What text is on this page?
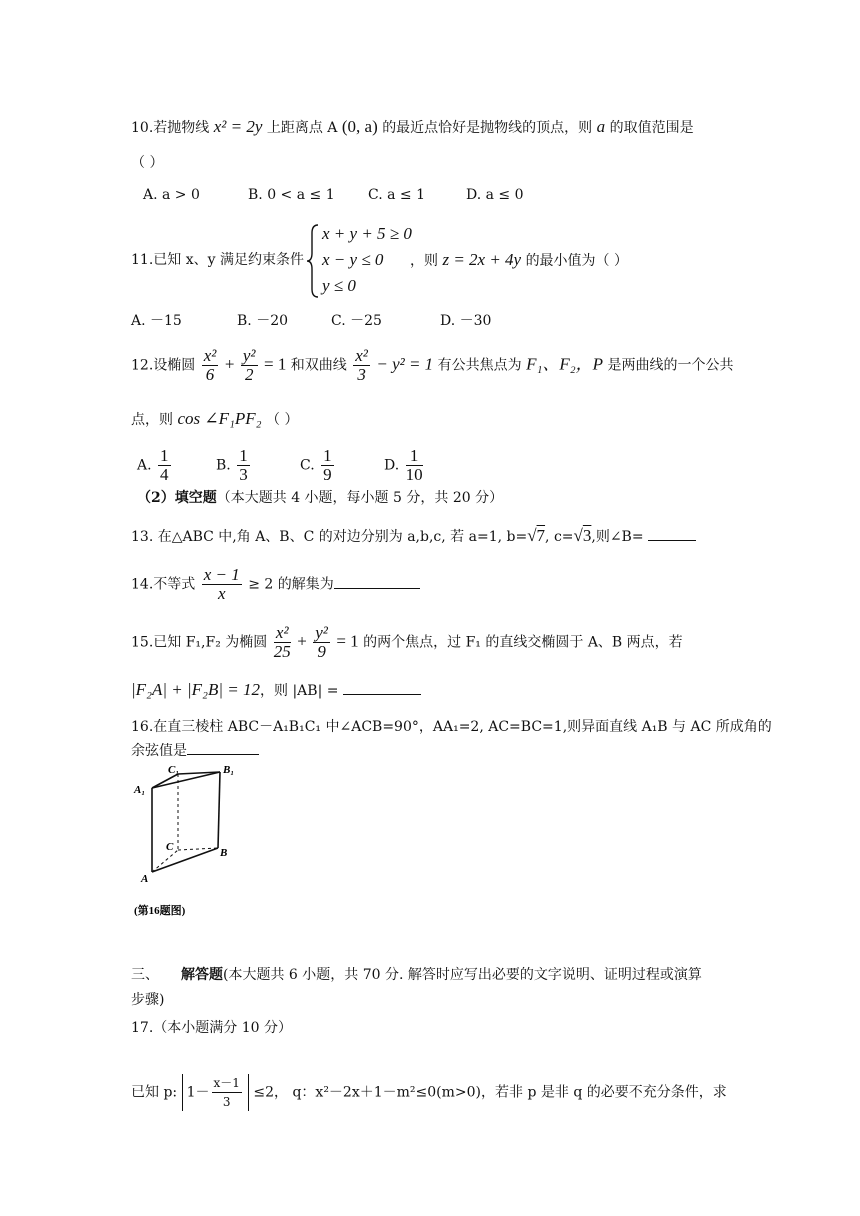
10.若抛物线 x² = 2y 上距离点 A (0, a) 的最近点恰好是抛物线的顶点，则 a 的取值范围是
（ ）
A. a > 0	B. 0 < a ≤ 1 C. a ≤ 1	D. a ≤ 0
11.已知 x、y 满足约束条件
x + y + 5 ≥ 0
x − y ≤ 0
y ≤ 0
，则 z = 2x + 4y 的最小值为（ ）
A. －15	B. －20	C. －25	D. －30
12.设椭圆 $\frac{\text{x²}}{6} + \frac{\text{y²}}{2} = 1$ 和双曲线 $\frac{\text{x²}}{3} - y^2 = 1$ 有公共焦点为 F₁、F₂，P 是两曲线的一个公共
点，则 cos ∠F₁PF₂ （ ）
A. $\frac{1}{4}$	B. $\frac{1}{3}$	C. $\frac{1}{9}$	D. $\frac{1}{10}$
（2）填空题（本大题共 4 小题，每小题 5 分，共 20 分）
13. 在△ABC 中,角 A、B、C 的对边分别为 a,b,c, 若 a=1, b=√7, c=√3,则∠B=
14.不等式 $\frac{x - 1}{x} \ge 2$ 的解集为
15.已知 F₁,F₂ 为椭圆 $\frac{\text{x²}}{25} + \frac{\text{y²}}{9} = 1$ 的两个焦点，过 F₁ 的直线交椭圆于 A、B 两点，若
|F₂A| + |F₂B| = 12，则 |AB| =
16.在直三棱柱 ABC－A₁B₁C₁ 中∠ACB=90°，AA₁=2, AC=BC=1,则异面直线 A₁B 与 AC 所成角的
余弦值是
C₁	B₁
A₁
C	B
A
(第16题图)
三、 解答题(本大题共 6 小题，共 70 分. 解答时应写出必要的文字说明、证明过程或演算
步骤)
17.（本小题满分 10 分）
已知 p: $1- \frac{x-1}{3} \le 2$， q：x²－2x＋1－m²≤0(m>0)，若非 p 是非 q 的必要不充分条件，求
